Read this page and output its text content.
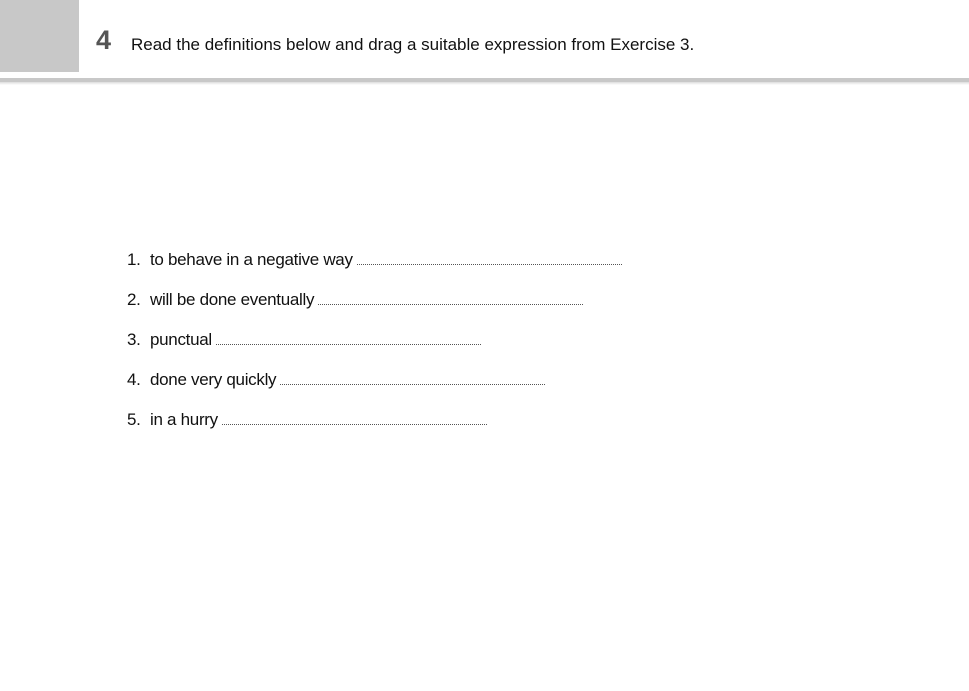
4 Read the definitions below and drag a suitable expression from Exercise 3.
1. to behave in a negative way
2. will be done eventually
3. punctual
4. done very quickly
5. in a hurry
